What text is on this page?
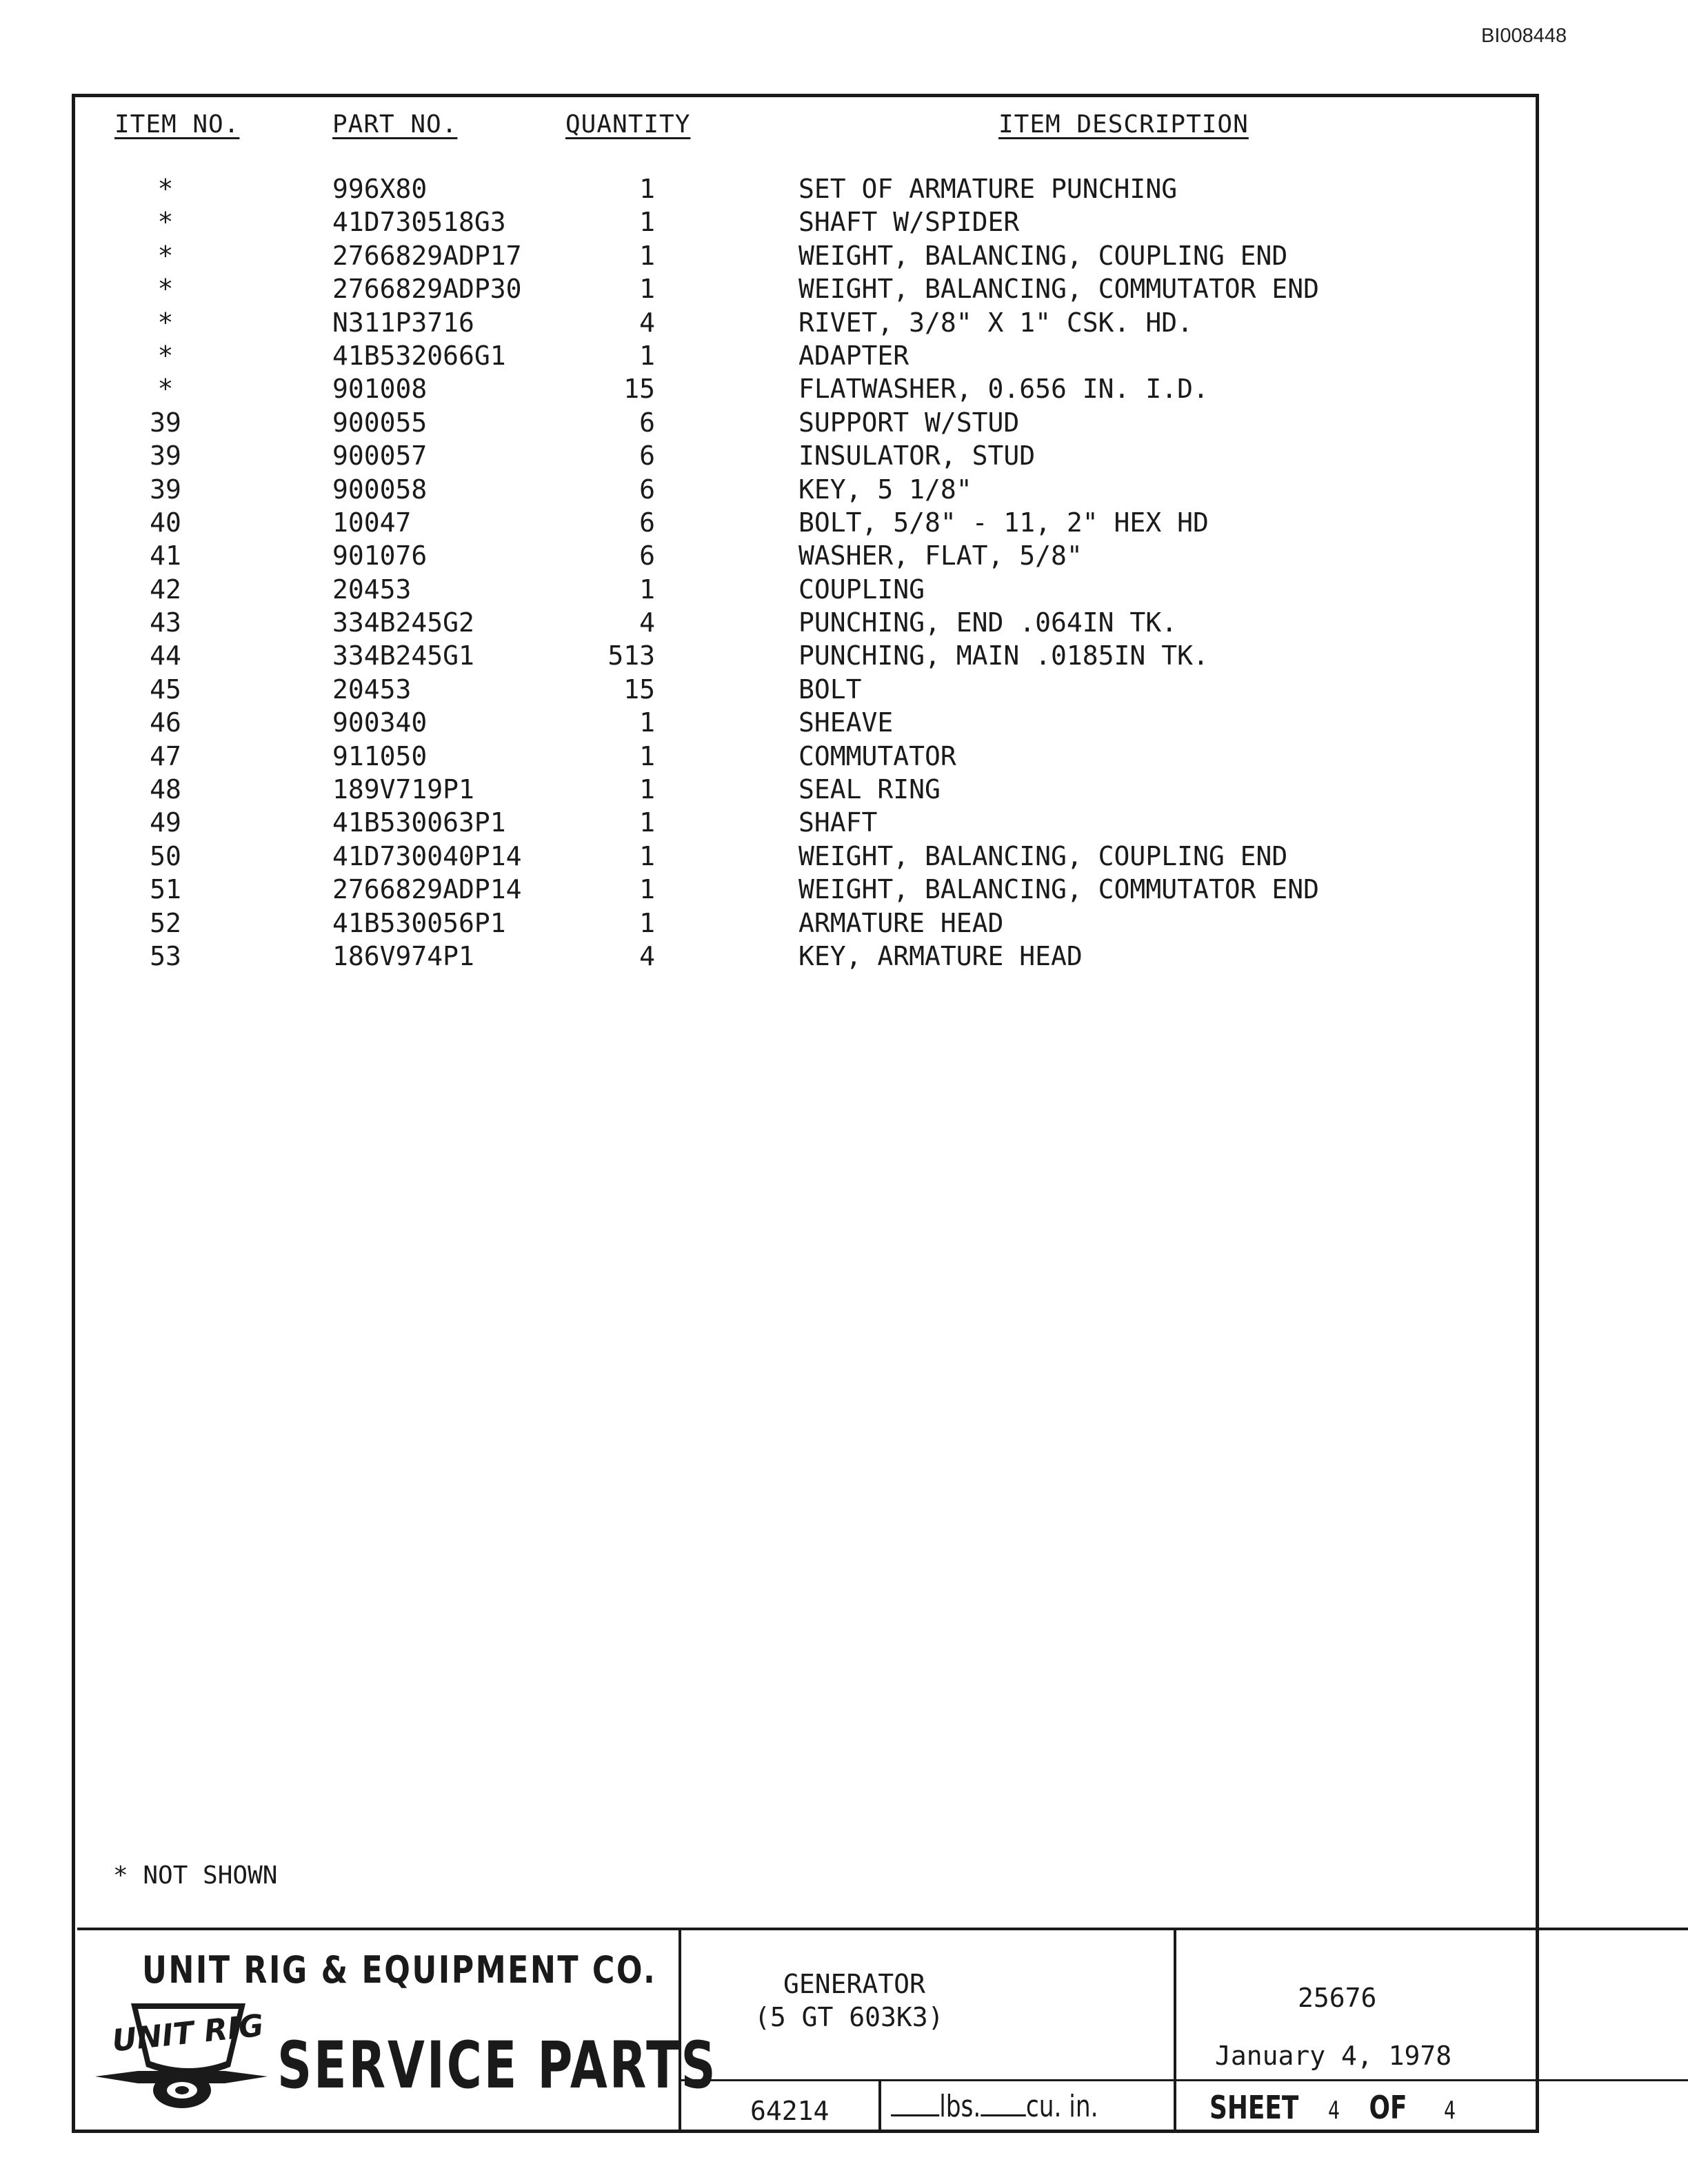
BI008448
ITEM NO.	PART NO.	QUANTITY	ITEM DESCRIPTION
*	996X80	1	SET OF ARMATURE PUNCHING
*	41D730518G3	1	SHAFT W/SPIDER
*	2766829ADP17	1	WEIGHT, BALANCING, COUPLING END
*	2766829ADP30	1	WEIGHT, BALANCING, COMMUTATOR END
*	N311P3716	4	RIVET, 3/8" X 1" CSK. HD.
*	41B532066G1	1	ADAPTER
*	901008	15	FLATWASHER, 0.656 IN. I.D.
39	900055	6	SUPPORT W/STUD
39	900057	6	INSULATOR, STUD
39	900058	6	KEY, 5 1/8"
40	10047	6	BOLT, 5/8" - 11, 2" HEX HD
41	901076	6	WASHER, FLAT, 5/8"
42	20453	1	COUPLING
43	334B245G2	4	PUNCHING, END .064IN TK.
44	334B245G1	513	PUNCHING, MAIN .0185IN TK.
45	20453	15	BOLT
46	900340	1	SHEAVE
47	911050	1	COMMUTATOR
48	189V719P1	1	SEAL RING
49	41B530063P1	1	SHAFT
50	41D730040P14	1	WEIGHT, BALANCING, COUPLING END
51	2766829ADP14	1	WEIGHT, BALANCING, COMMUTATOR END
52	41B530056P1	1	ARMATURE HEAD
53	186V974P1	4	KEY, ARMATURE HEAD
* NOT SHOWN
UNIT RIG & EQUIPMENT CO.
UNIT RIG SERVICE PARTS
GENERATOR
(5 GT 603K3)
25676
January 4, 1978
64214	lbs. cu. in.	SHEET 4 OF 4
